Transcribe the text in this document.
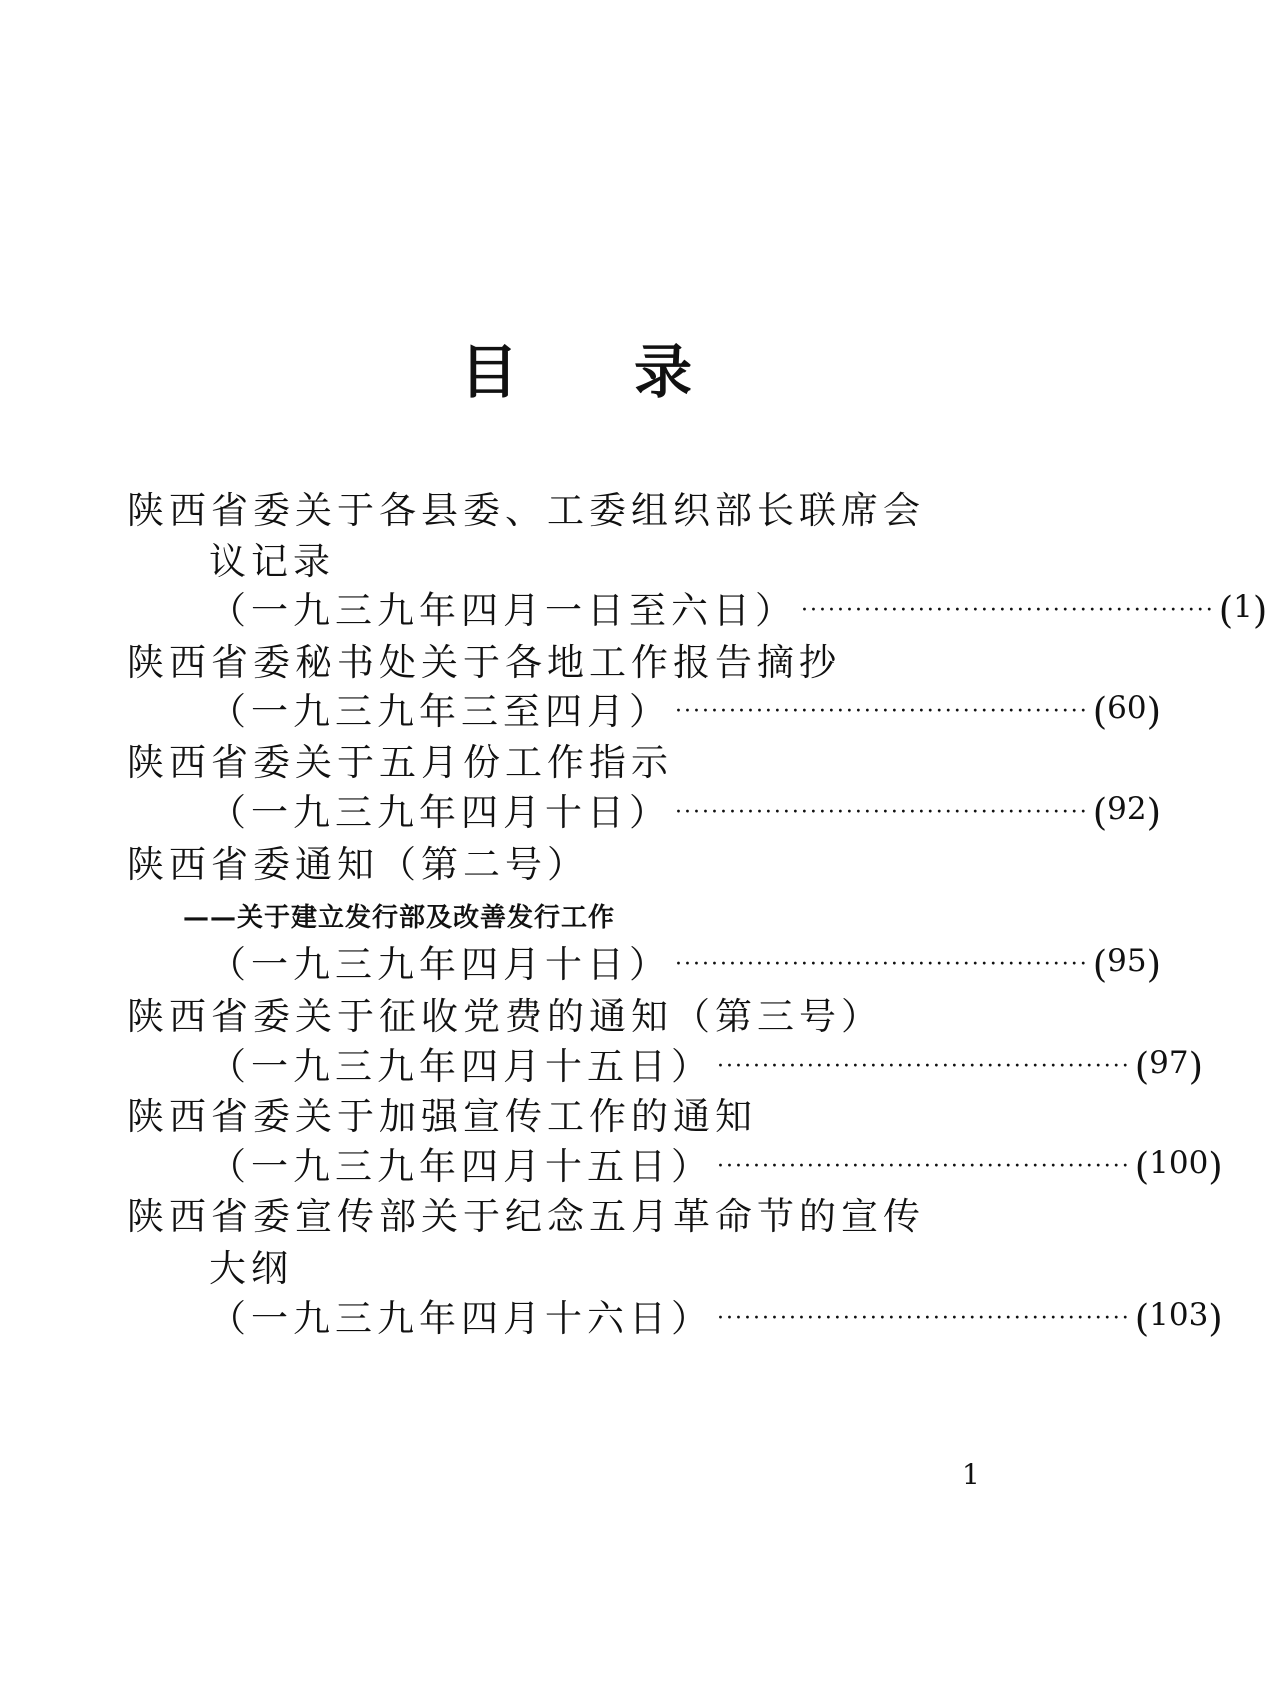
目 录
陕西省委关于各县委、工委组织部长联席会
议记录
（一九三九年四月一日至六日） ·············································· ( 1 )
陕西省委秘书处关于各地工作报告摘抄
（一九三九年三至四月） ·············································· ( 60 )
陕西省委关于五月份工作指示
（一九三九年四月十日） ·············································· ( 92 )
陕西省委通知（第二号）
——关于建立发行部及改善发行工作
（一九三九年四月十日） ·············································· ( 95 )
陕西省委关于征收党费的通知（第三号）
（一九三九年四月十五日） ·············································· ( 97 )
陕西省委关于加强宣传工作的通知
（一九三九年四月十五日） ·············································· ( 100 )
陕西省委宣传部关于纪念五月革命节的宣传
大纲
（一九三九年四月十六日） ·············································· ( 103 )
1
